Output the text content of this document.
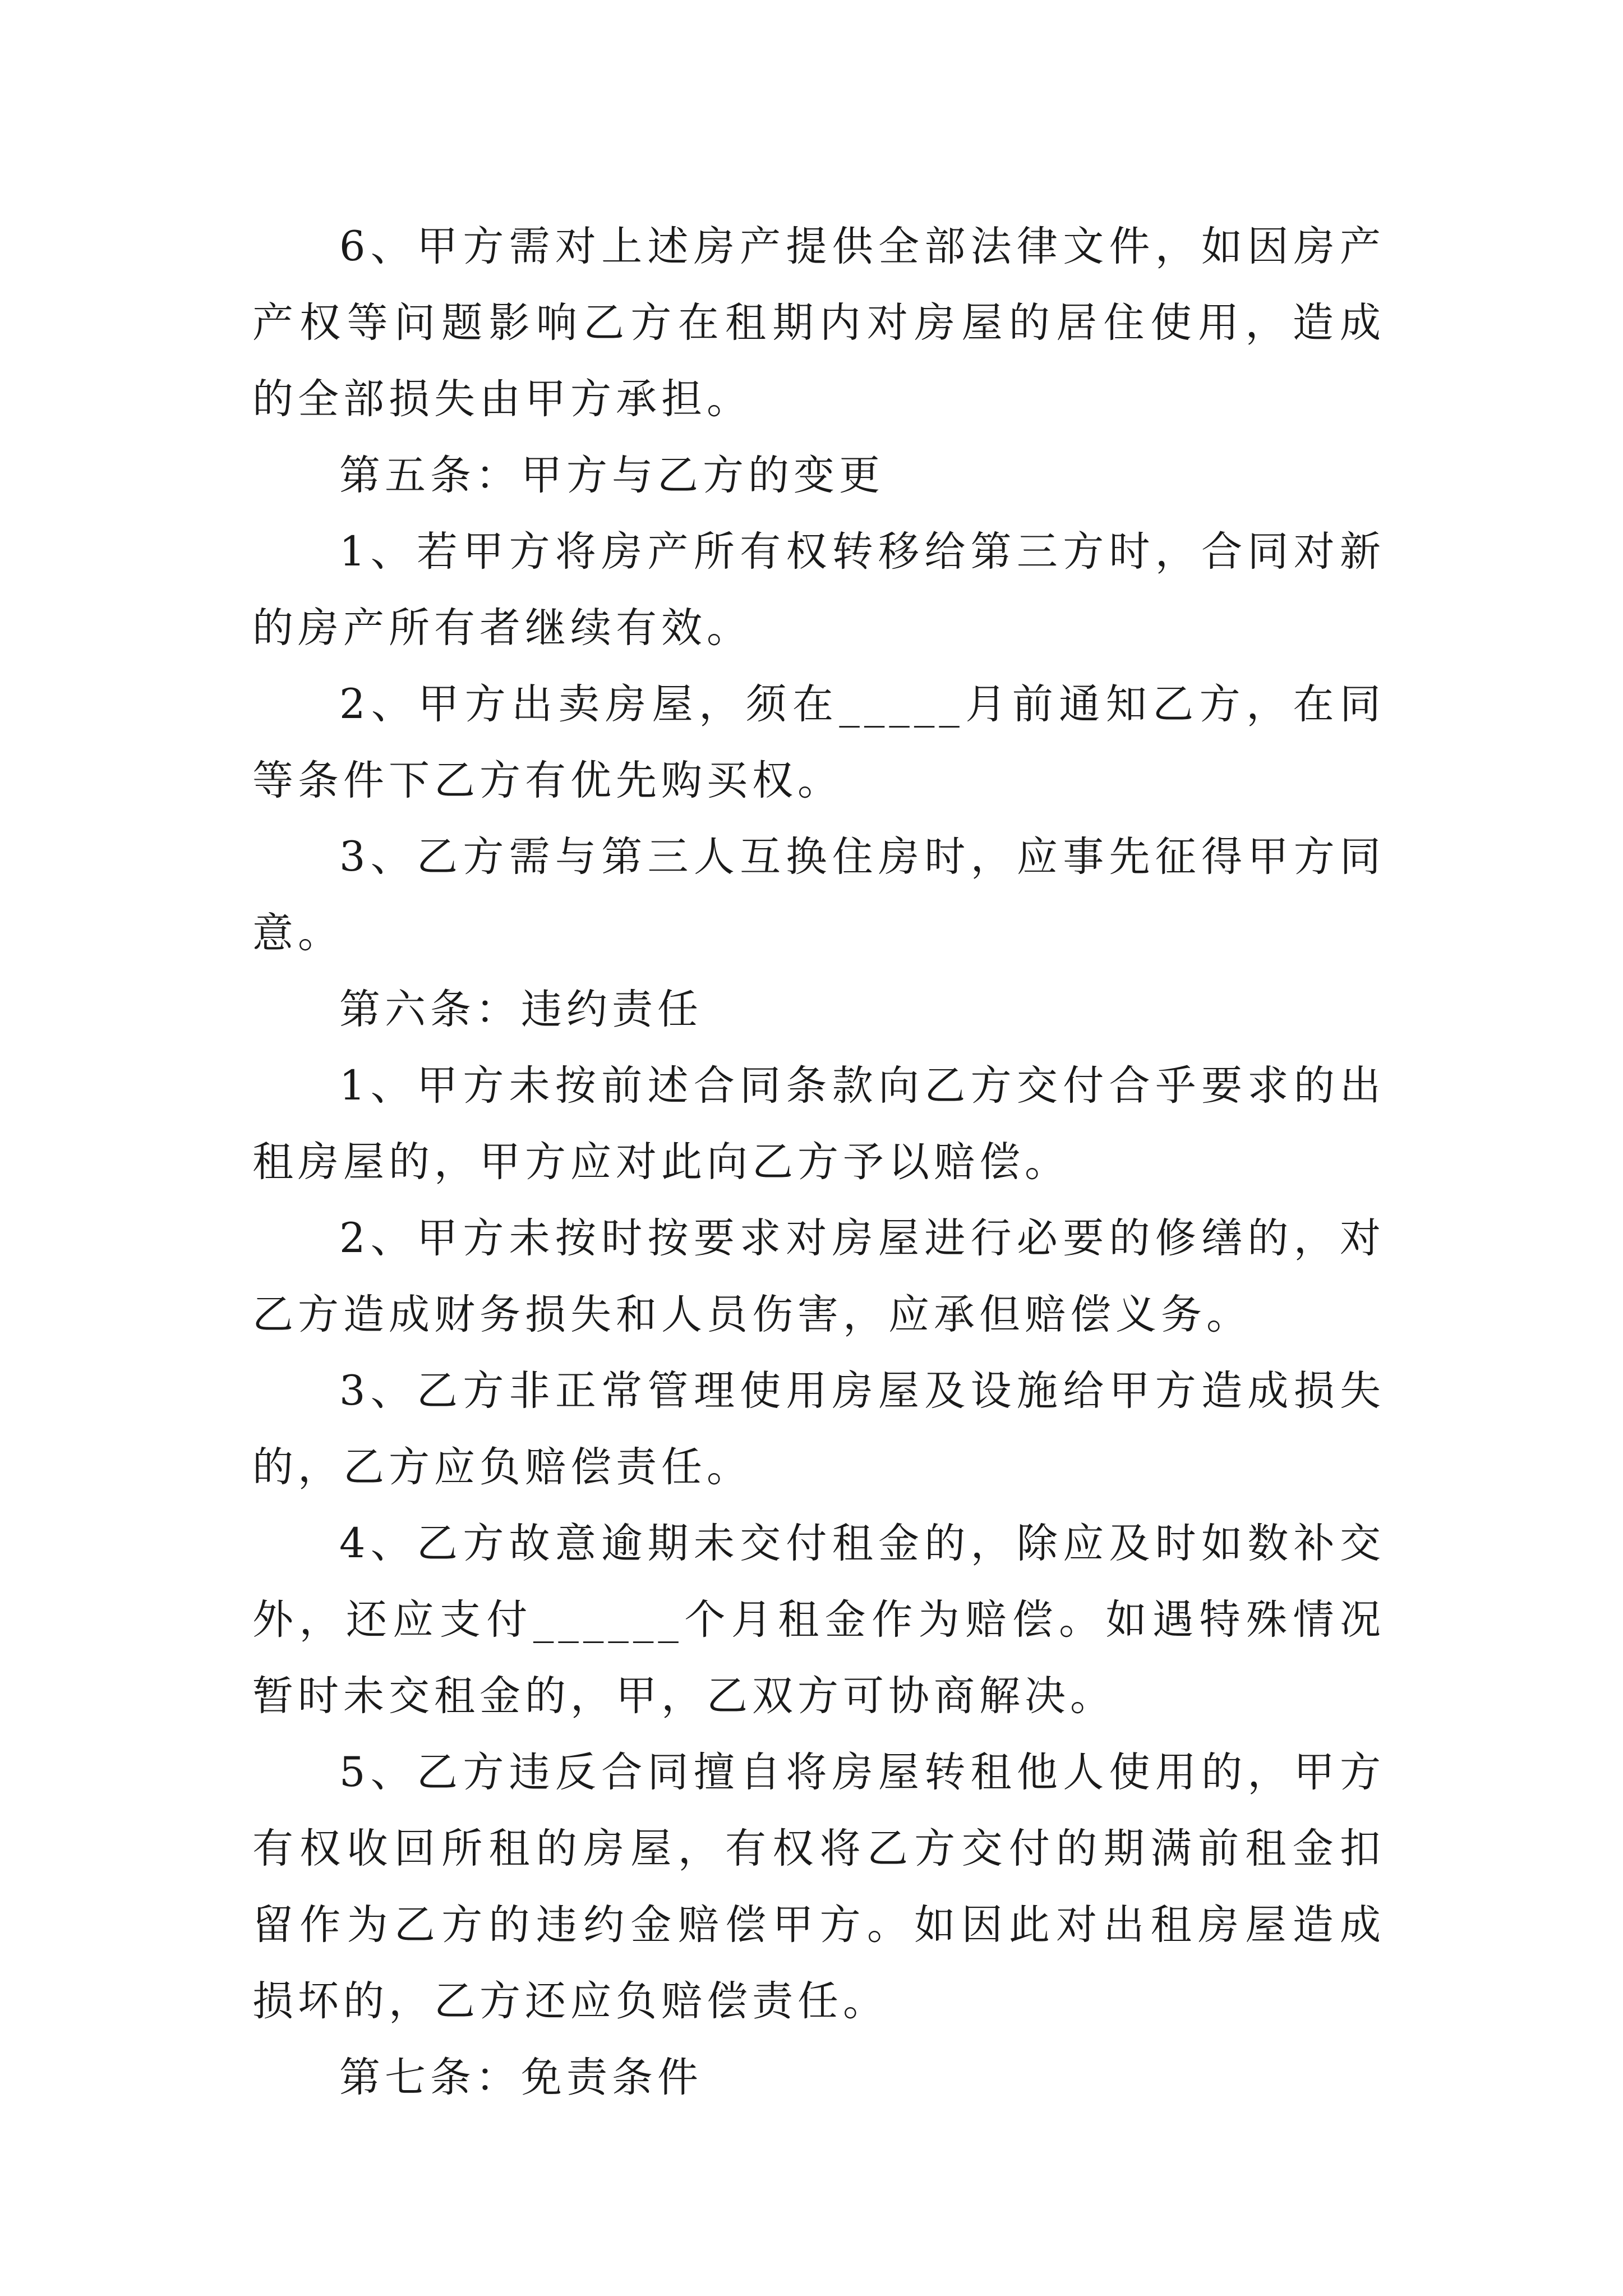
6、甲方需对上述房产提供全部法律文件，如因房产产权等问题影响乙方在租期内对房屋的居住使用，造成的全部损失由甲方承担。

第五条：甲方与乙方的变更

1、若甲方将房产所有权转移给第三方时，合同对新的房产所有者继续有效。

2、甲方出卖房屋，须在_____月前通知乙方，在同等条件下乙方有优先购买权。

3、乙方需与第三人互换住房时，应事先征得甲方同意。

第六条：违约责任

1、甲方未按前述合同条款向乙方交付合乎要求的出租房屋的，甲方应对此向乙方予以赔偿。

2、甲方未按时按要求对房屋进行必要的修缮的，对乙方造成财务损失和人员伤害，应承但赔偿义务。

3、乙方非正常管理使用房屋及设施给甲方造成损失的，乙方应负赔偿责任。

4、乙方故意逾期未交付租金的，除应及时如数补交外，还应支付______个月租金作为赔偿。如遇特殊情况暂时未交租金的，甲，乙双方可协商解决。

5、乙方违反合同擅自将房屋转租他人使用的，甲方有权收回所租的房屋，有权将乙方交付的期满前租金扣留作为乙方的违约金赔偿甲方。如因此对出租房屋造成损坏的，乙方还应负赔偿责任。

第七条：免责条件
